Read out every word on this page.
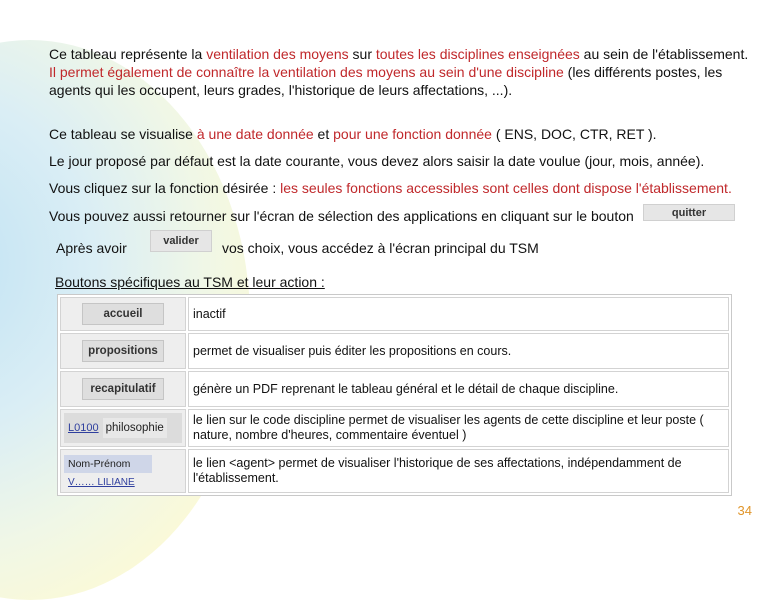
Ce tableau représente la ventilation des moyens sur toutes les disciplines enseignées au sein de l'établissement.
Il permet également de connaître la ventilation des moyens au sein d'une discipline (les différents postes, les agents qui les occupent, leurs grades, l'historique de leurs affectations, ...).
Ce tableau se visualise à une date donnée et pour une fonction donnée ( ENS, DOC, CTR, RET ).
Le jour proposé par défaut est la date courante, vous devez alors saisir la date voulue (jour, mois, année).
Vous cliquez sur la fonction désirée : les seules fonctions accessibles sont celles dont dispose l'établissement.
Vous pouvez aussi retourner sur l'écran de sélection des applications en cliquant sur le bouton	quitter
Après avoir	valider	vos choix, vous accédez à l'écran principal du TSM
Boutons spécifiques au TSM et leur action :
accueil	inactif

propositions	permet de visualiser puis éditer les propositions en cours.

recapitulatif	génère un PDF reprenant le tableau général et le détail de chaque discipline.

L0100 philosophie	le lien sur le code discipline permet de visualiser les agents de cette discipline et leur poste ( nature, nombre d'heures, commentaire éventuel )

Nom-Prénom
V…… LILIANE	le lien <agent> permet de visualiser l'historique de ses affectations, indépendamment de l'établissement.
34
